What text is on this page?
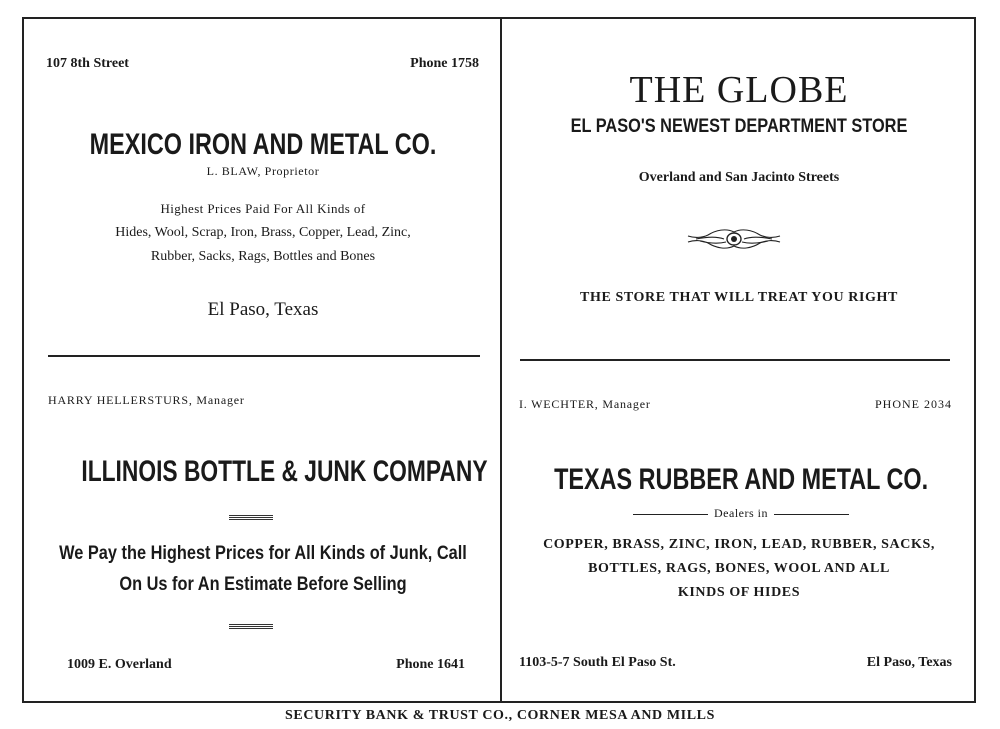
107 8th Street	Phone 1758
MEXICO IRON AND METAL CO.
L. BLAW, Proprietor
Highest Prices Paid For All Kinds of
Hides, Wool, Scrap, Iron, Brass, Copper, Lead, Zinc,
Rubber, Sacks, Rags, Bottles and Bones
El Paso, Texas
THE GLOBE
EL PASO'S NEWEST DEPARTMENT STORE
Overland and San Jacinto Streets
THE STORE THAT WILL TREAT YOU RIGHT
HARRY HELLERSTURS, Manager
ILLINOIS BOTTLE & JUNK COMPANY
We Pay the Highest Prices for All Kinds of Junk, Call
On Us for An Estimate Before Selling
1009 E. Overland	Phone 1641
I. WECHTER, Manager	PHONE 2034
TEXAS RUBBER AND METAL CO.
Dealers in
COPPER, BRASS, ZINC, IRON, LEAD, RUBBER, SACKS,
BOTTLES, RAGS, BONES, WOOL AND ALL
KINDS OF HIDES
1103-5-7 South El Paso St.	El Paso, Texas
SECURITY BANK & TRUST CO., CORNER MESA AND MILLS
